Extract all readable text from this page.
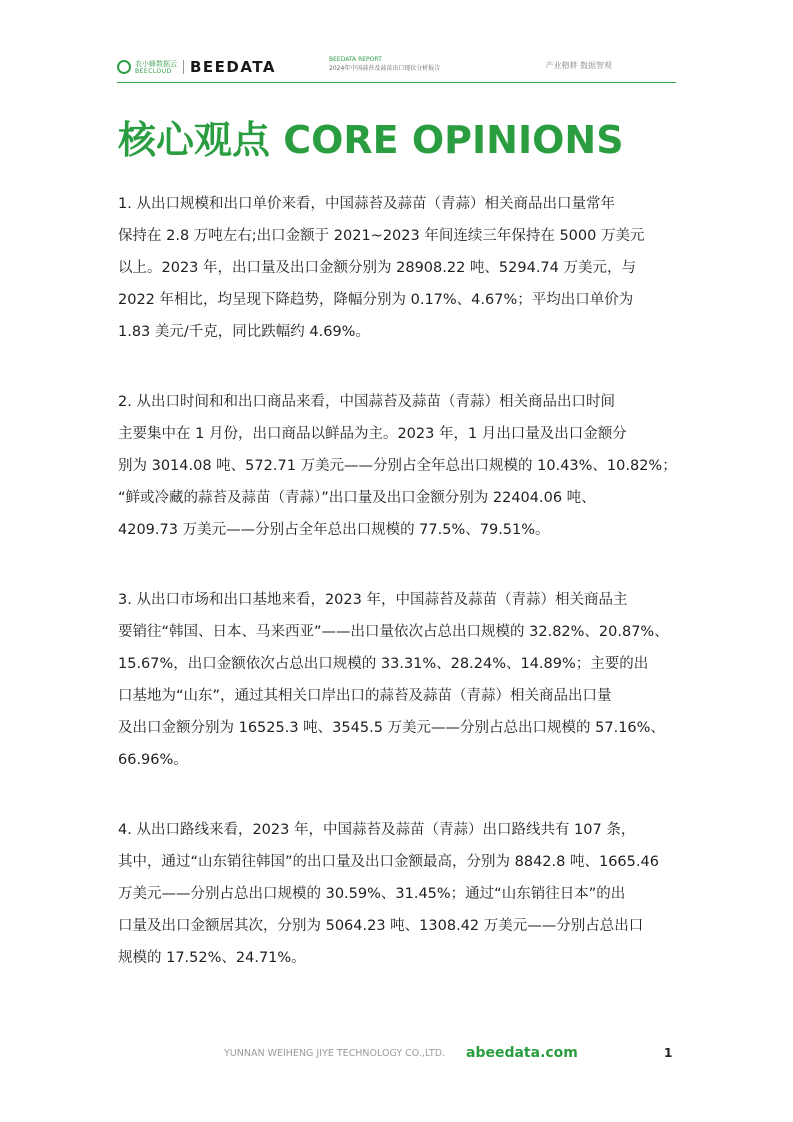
农小蜂数据云
BEECLOUD	BEEDATA	BEEDATA REPORT
2024年中国蒜苔及蒜苗出口现状分析报告	产业精耕 数据智观
核心观点 CORE OPINIONS

1. 从出口规模和出口单价来看，中国蒜苔及蒜苗（青蒜）相关商品出口量常年
保持在 2.8 万吨左右;出口金额于 2021~2023 年间连续三年保持在 5000 万美元
以上。2023 年，出口量及出口金额分别为 28908.22 吨、5294.74 万美元，与
2022 年相比，均呈现下降趋势，降幅分别为 0.17%、4.67%；平均出口单价为
1.83 美元/千克，同比跌幅约 4.69%。

2. 从出口时间和和出口商品来看，中国蒜苔及蒜苗（青蒜）相关商品出口时间
主要集中在 1 月份，出口商品以鲜品为主。2023 年，1 月出口量及出口金额分
别为 3014.08 吨、572.71 万美元——分别占全年总出口规模的 10.43%、10.82%；
“鲜或冷藏的蒜苔及蒜苗（青蒜）”出口量及出口金额分别为 22404.06 吨、
4209.73 万美元——分别占全年总出口规模的 77.5%、79.51%。

3. 从出口市场和出口基地来看，2023 年，中国蒜苔及蒜苗（青蒜）相关商品主
要销往“韩国、日本、马来西亚”——出口量依次占总出口规模的 32.82%、20.87%、
15.67%，出口金额依次占总出口规模的 33.31%、28.24%、14.89%；主要的出
口基地为“山东”，通过其相关口岸出口的蒜苔及蒜苗（青蒜）相关商品出口量
及出口金额分别为 16525.3 吨、3545.5 万美元——分别占总出口规模的 57.16%、
66.96%。

4. 从出口路线来看，2023 年，中国蒜苔及蒜苗（青蒜）出口路线共有 107 条，
其中，通过“山东销往韩国”的出口量及出口金额最高，分别为 8842.8 吨、1665.46
万美元——分别占总出口规模的 30.59%、31.45%；通过“山东销往日本”的出
口量及出口金额居其次，分别为 5064.23 吨、1308.42 万美元——分别占总出口
规模的 17.52%、24.71%。

YUNNAN WEIHENG JIYE TECHNOLOGY CO.,LTD. abeedata.com	1
